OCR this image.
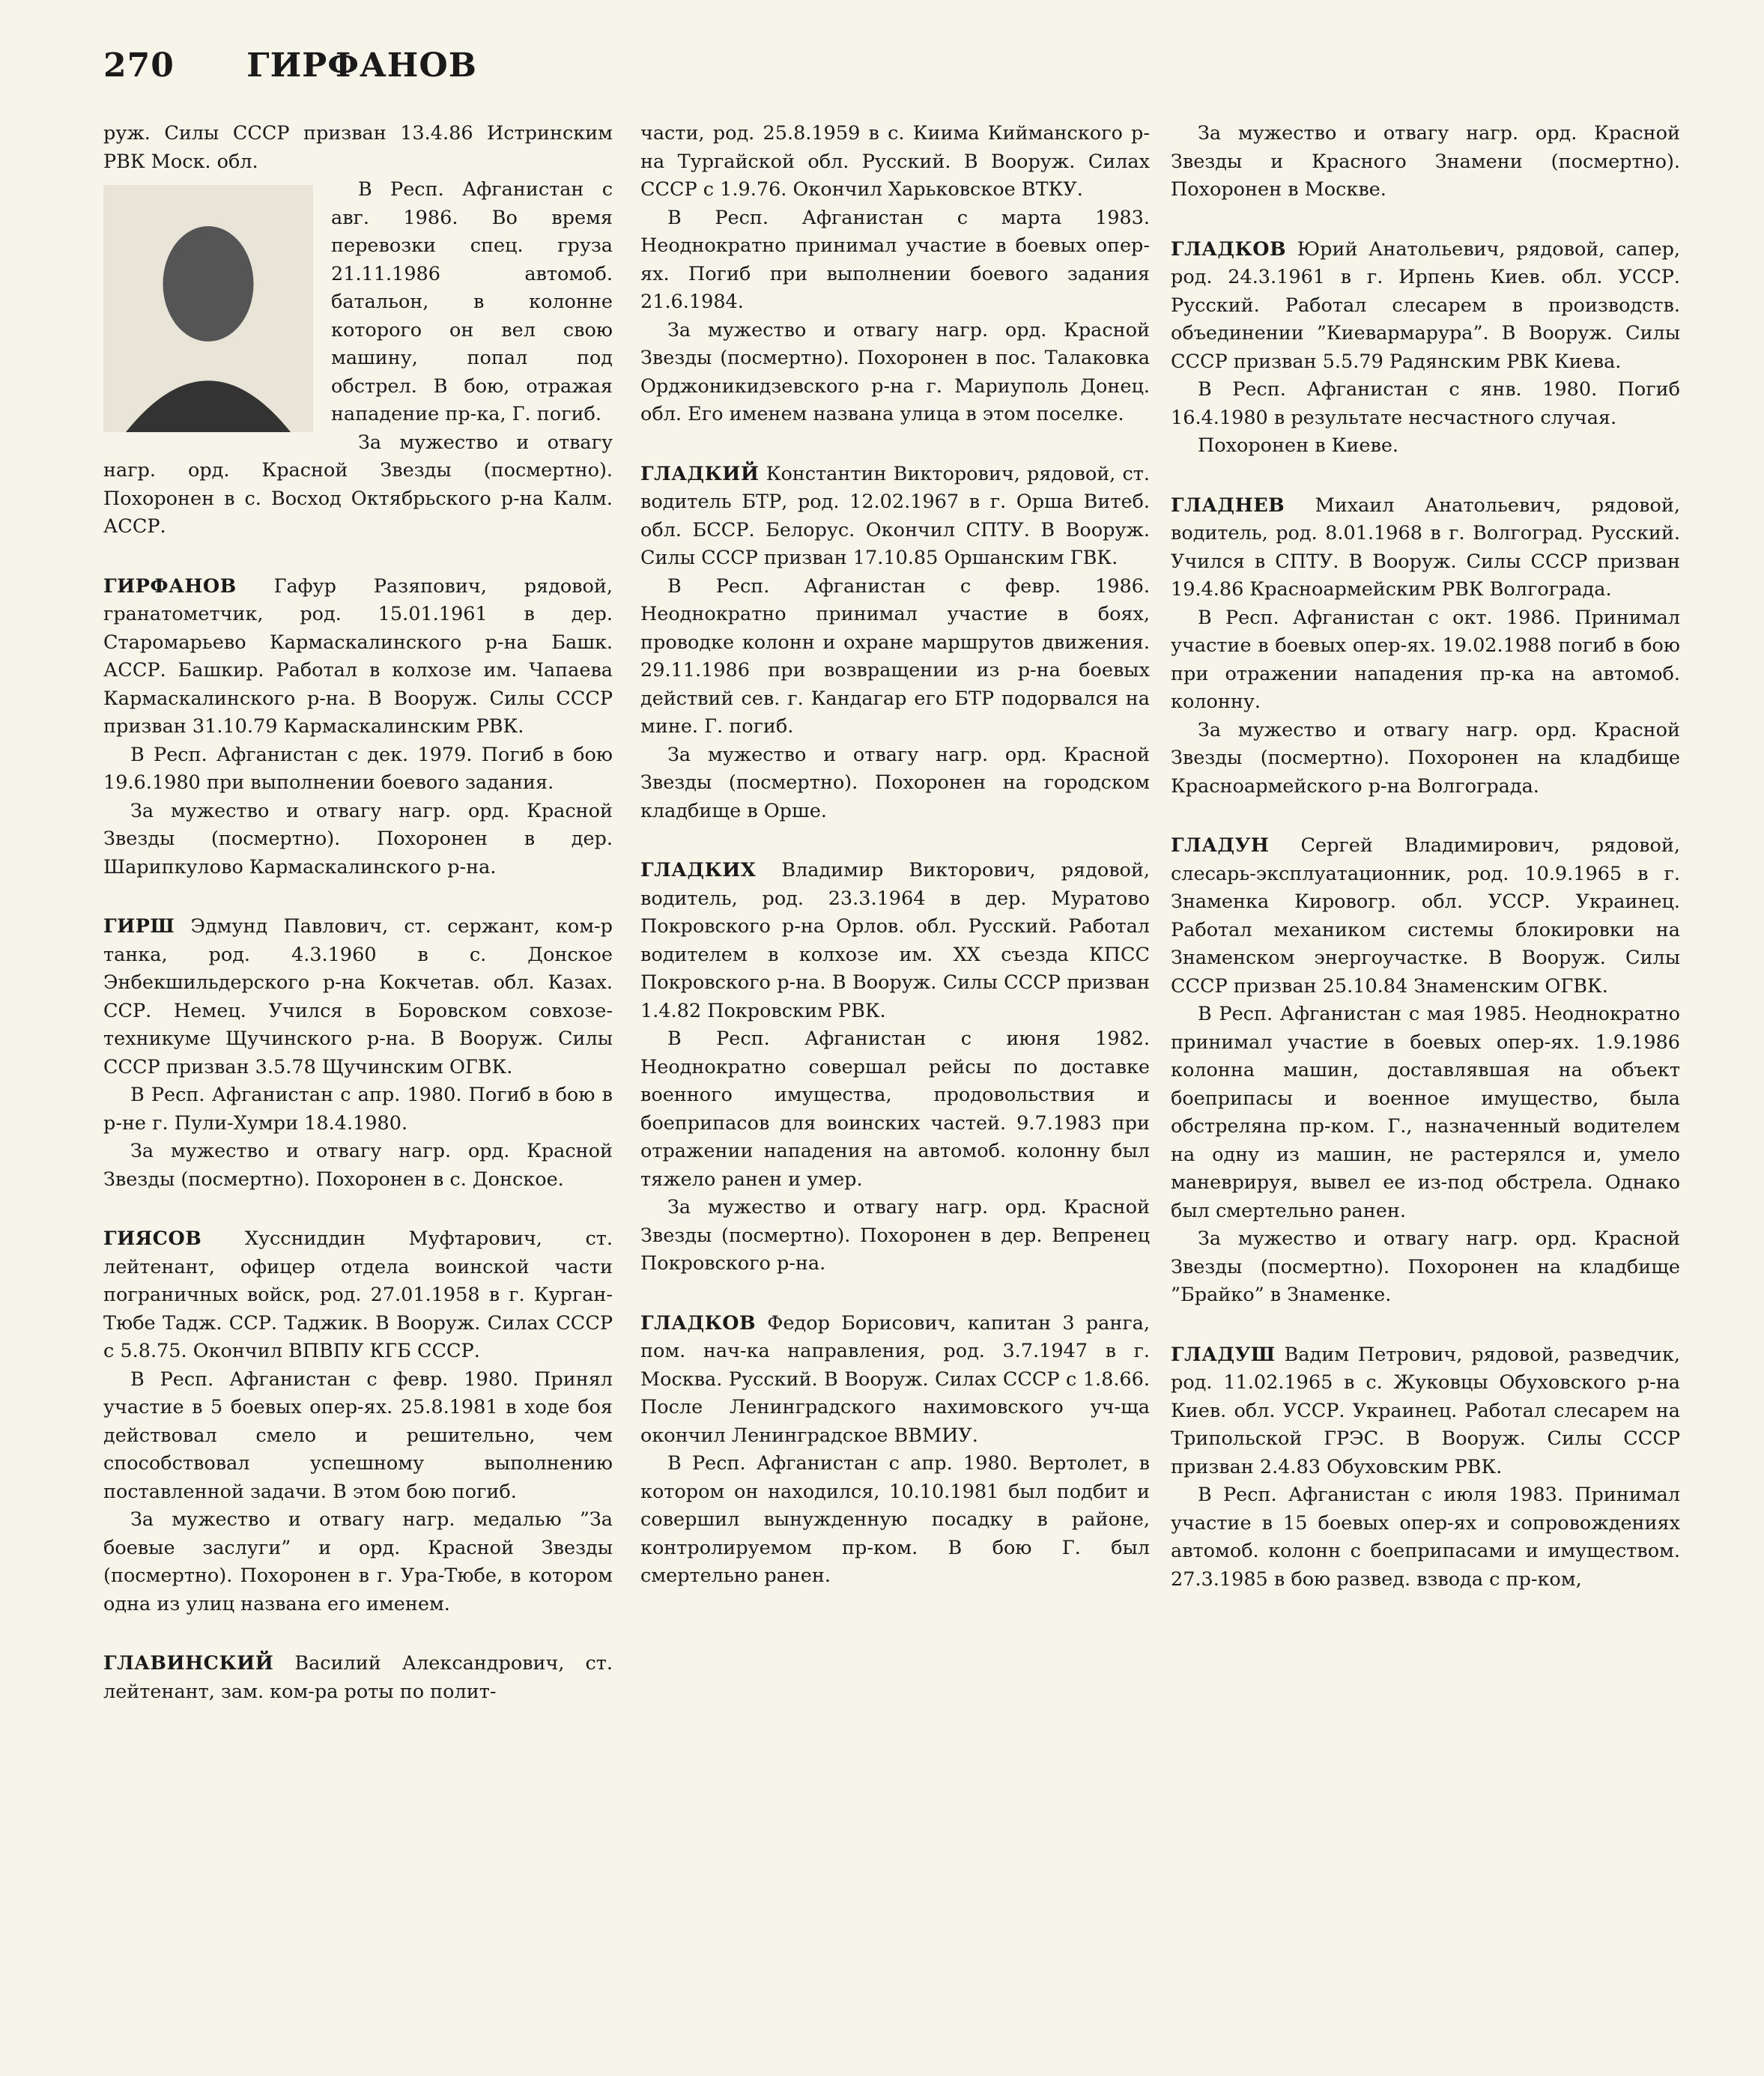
270 ГИРФАНОВ

руж. Силы СССР призван 13.4.86 Истринским РВК Моск. обл.

В Респ. Афганистан с авг. 1986. Во время перевозки спец. груза 21.11.1986 автомоб. батальон, в колонне которого он вел свою машину, попал под обстрел. В бою, отражая нападение пр-ка, Г. погиб.

За мужество и отвагу нагр. орд. Красной Звезды (посмертно). Похоронен в с. Восход Октябрьского р-на Калм. АССР.

ГИРФАНОВ Гафур Разяпович, рядовой, гранатометчик, род. 15.01.1961 в дер. Старомарьево Кармаскалинского р-на Башк. АССР. Башкир. Работал в колхозе им. Чапаева Кармаскалинского р-на. В Вооруж. Силы СССР призван 31.10.79 Кармаскалинским РВК.

В Респ. Афганистан с дек. 1979. Погиб в бою 19.6.1980 при выполнении боевого задания.

За мужество и отвагу нагр. орд. Красной Звезды (посмертно). Похоронен в дер. Шарипкулово Кармаскалинского р-на.

ГИРШ Эдмунд Павлович, ст. сержант, ком-р танка, род. 4.3.1960 в с. Донское Энбекшильдерского р-на Кокчетав. обл. Казах. ССР. Немец. Учился в Боровском совхозе-техникуме Щучинского р-на. В Вооруж. Силы СССР призван 3.5.78 Щучинским ОГВК.

В Респ. Афганистан с апр. 1980. Погиб в бою в р-не г. Пули-Хумри 18.4.1980.

За мужество и отвагу нагр. орд. Красной Звезды (посмертно). Похоронен в с. Донское.

ГИЯСОВ Хуссниддин Муфтарович, ст. лейтенант, офицер отдела воинской части пограничных войск, род. 27.01.1958 в г. Курган-Тюбе Тадж. ССР. Таджик. В Вооруж. Силах СССР с 5.8.75. Окончил ВПВПУ КГБ СССР.

В Респ. Афганистан с февр. 1980. Принял участие в 5 боевых опер-ях. 25.8.1981 в ходе боя действовал смело и решительно, чем способствовал успешному выполнению поставленной задачи. В этом бою погиб.

За мужество и отвагу нагр. медалью ”За боевые заслуги” и орд. Красной Звезды (посмертно). Похоронен в г. Ура-Тюбе, в котором одна из улиц названа его именем.

ГЛАВИНСКИЙ Василий Александрович, ст. лейтенант, зам. ком-ра роты по полит-

части, род. 25.8.1959 в с. Киима Кийманского р-на Тургайской обл. Русский. В Вооруж. Силах СССР с 1.9.76. Окончил Харьковское ВТКУ.

В Респ. Афганистан с марта 1983. Неоднократно принимал участие в боевых опер-ях. Погиб при выполнении боевого задания 21.6.1984.

За мужество и отвагу нагр. орд. Красной Звезды (посмертно). Похоронен в пос. Талаковка Орджоникидзевского р-на г. Мариуполь Донец. обл. Его именем названа улица в этом поселке.

ГЛАДКИЙ Константин Викторович, рядовой, ст. водитель БТР, род. 12.02.1967 в г. Орша Витеб. обл. БССР. Белорус. Окончил СПТУ. В Вооруж. Силы СССР призван 17.10.85 Оршанским ГВК.

В Респ. Афганистан с февр. 1986. Неоднократно принимал участие в боях, проводке колонн и охране маршрутов движения. 29.11.1986 при возвращении из р-на боевых действий сев. г. Кандагар его БТР подорвался на мине. Г. погиб.

За мужество и отвагу нагр. орд. Красной Звезды (посмертно). Похоронен на городском кладбище в Орше.

ГЛАДКИХ Владимир Викторович, рядовой, водитель, род. 23.3.1964 в дер. Муратово Покровского р-на Орлов. обл. Русский. Работал водителем в колхозе им. XX съезда КПСС Покровского р-на. В Вооруж. Силы СССР призван 1.4.82 Покровским РВК.

В Респ. Афганистан с июня 1982. Неоднократно совершал рейсы по доставке военного имущества, продовольствия и боеприпасов для воинских частей. 9.7.1983 при отражении нападения на автомоб. колонну был тяжело ранен и умер.

За мужество и отвагу нагр. орд. Красной Звезды (посмертно). Похоронен в дер. Вепренец Покровского р-на.

ГЛАДКОВ Федор Борисович, капитан 3 ранга, пом. нач-ка направления, род. 3.7.1947 в г. Москва. Русский. В Вооруж. Силах СССР с 1.8.66. После Ленинградского нахимовского уч-ща окончил Ленинградское ВВМИУ.

В Респ. Афганистан с апр. 1980. Вертолет, в котором он находился, 10.10.1981 был подбит и совершил вынужденную посадку в районе, контролируемом пр-ком. В бою Г. был смертельно ранен.

За мужество и отвагу нагр. орд. Красной Звезды и Красного Знамени (посмертно). Похоронен в Москве.

ГЛАДКОВ Юрий Анатольевич, рядовой, сапер, род. 24.3.1961 в г. Ирпень Киев. обл. УССР. Русский. Работал слесарем в производств. объединении ”Киевармарура”. В Вооруж. Силы СССР призван 5.5.79 Радянским РВК Киева.

В Респ. Афганистан с янв. 1980. Погиб 16.4.1980 в результате несчастного случая.

Похоронен в Киеве.

ГЛАДНЕВ Михаил Анатольевич, рядовой, водитель, род. 8.01.1968 в г. Волгоград. Русский. Учился в СПТУ. В Вооруж. Силы СССР призван 19.4.86 Красноармейским РВК Волгограда.

В Респ. Афганистан с окт. 1986. Принимал участие в боевых опер-ях. 19.02.1988 погиб в бою при отражении нападения пр-ка на автомоб. колонну.

За мужество и отвагу нагр. орд. Красной Звезды (посмертно). Похоронен на кладбище Красноармейского р-на Волгограда.

ГЛАДУН Сергей Владимирович, рядовой, слесарь-эксплуатационник, род. 10.9.1965 в г. Знаменка Кировогр. обл. УССР. Украинец. Работал механиком системы блокировки на Знаменском энергоучастке. В Вооруж. Силы СССР призван 25.10.84 Знаменским ОГВК.

В Респ. Афганистан с мая 1985. Неоднократно принимал участие в боевых опер-ях. 1.9.1986 колонна машин, доставлявшая на объект боеприпасы и военное имущество, была обстреляна пр-ком. Г., назначенный водителем на одну из машин, не растерялся и, умело маневрируя, вывел ее из-под обстрела. Однако был смертельно ранен.

За мужество и отвагу нагр. орд. Красной Звезды (посмертно). Похоронен на кладбище ”Брайко” в Знаменке.

ГЛАДУШ Вадим Петрович, рядовой, разведчик, род. 11.02.1965 в с. Жуковцы Обуховского р-на Киев. обл. УССР. Украинец. Работал слесарем на Трипольской ГРЭС. В Вооруж. Силы СССР призван 2.4.83 Обуховским РВК.

В Респ. Афганистан с июля 1983. Принимал участие в 15 боевых опер-ях и сопровождениях автомоб. колонн с боеприпасами и имуществом. 27.3.1985 в бою развед. взвода с пр-ком,
